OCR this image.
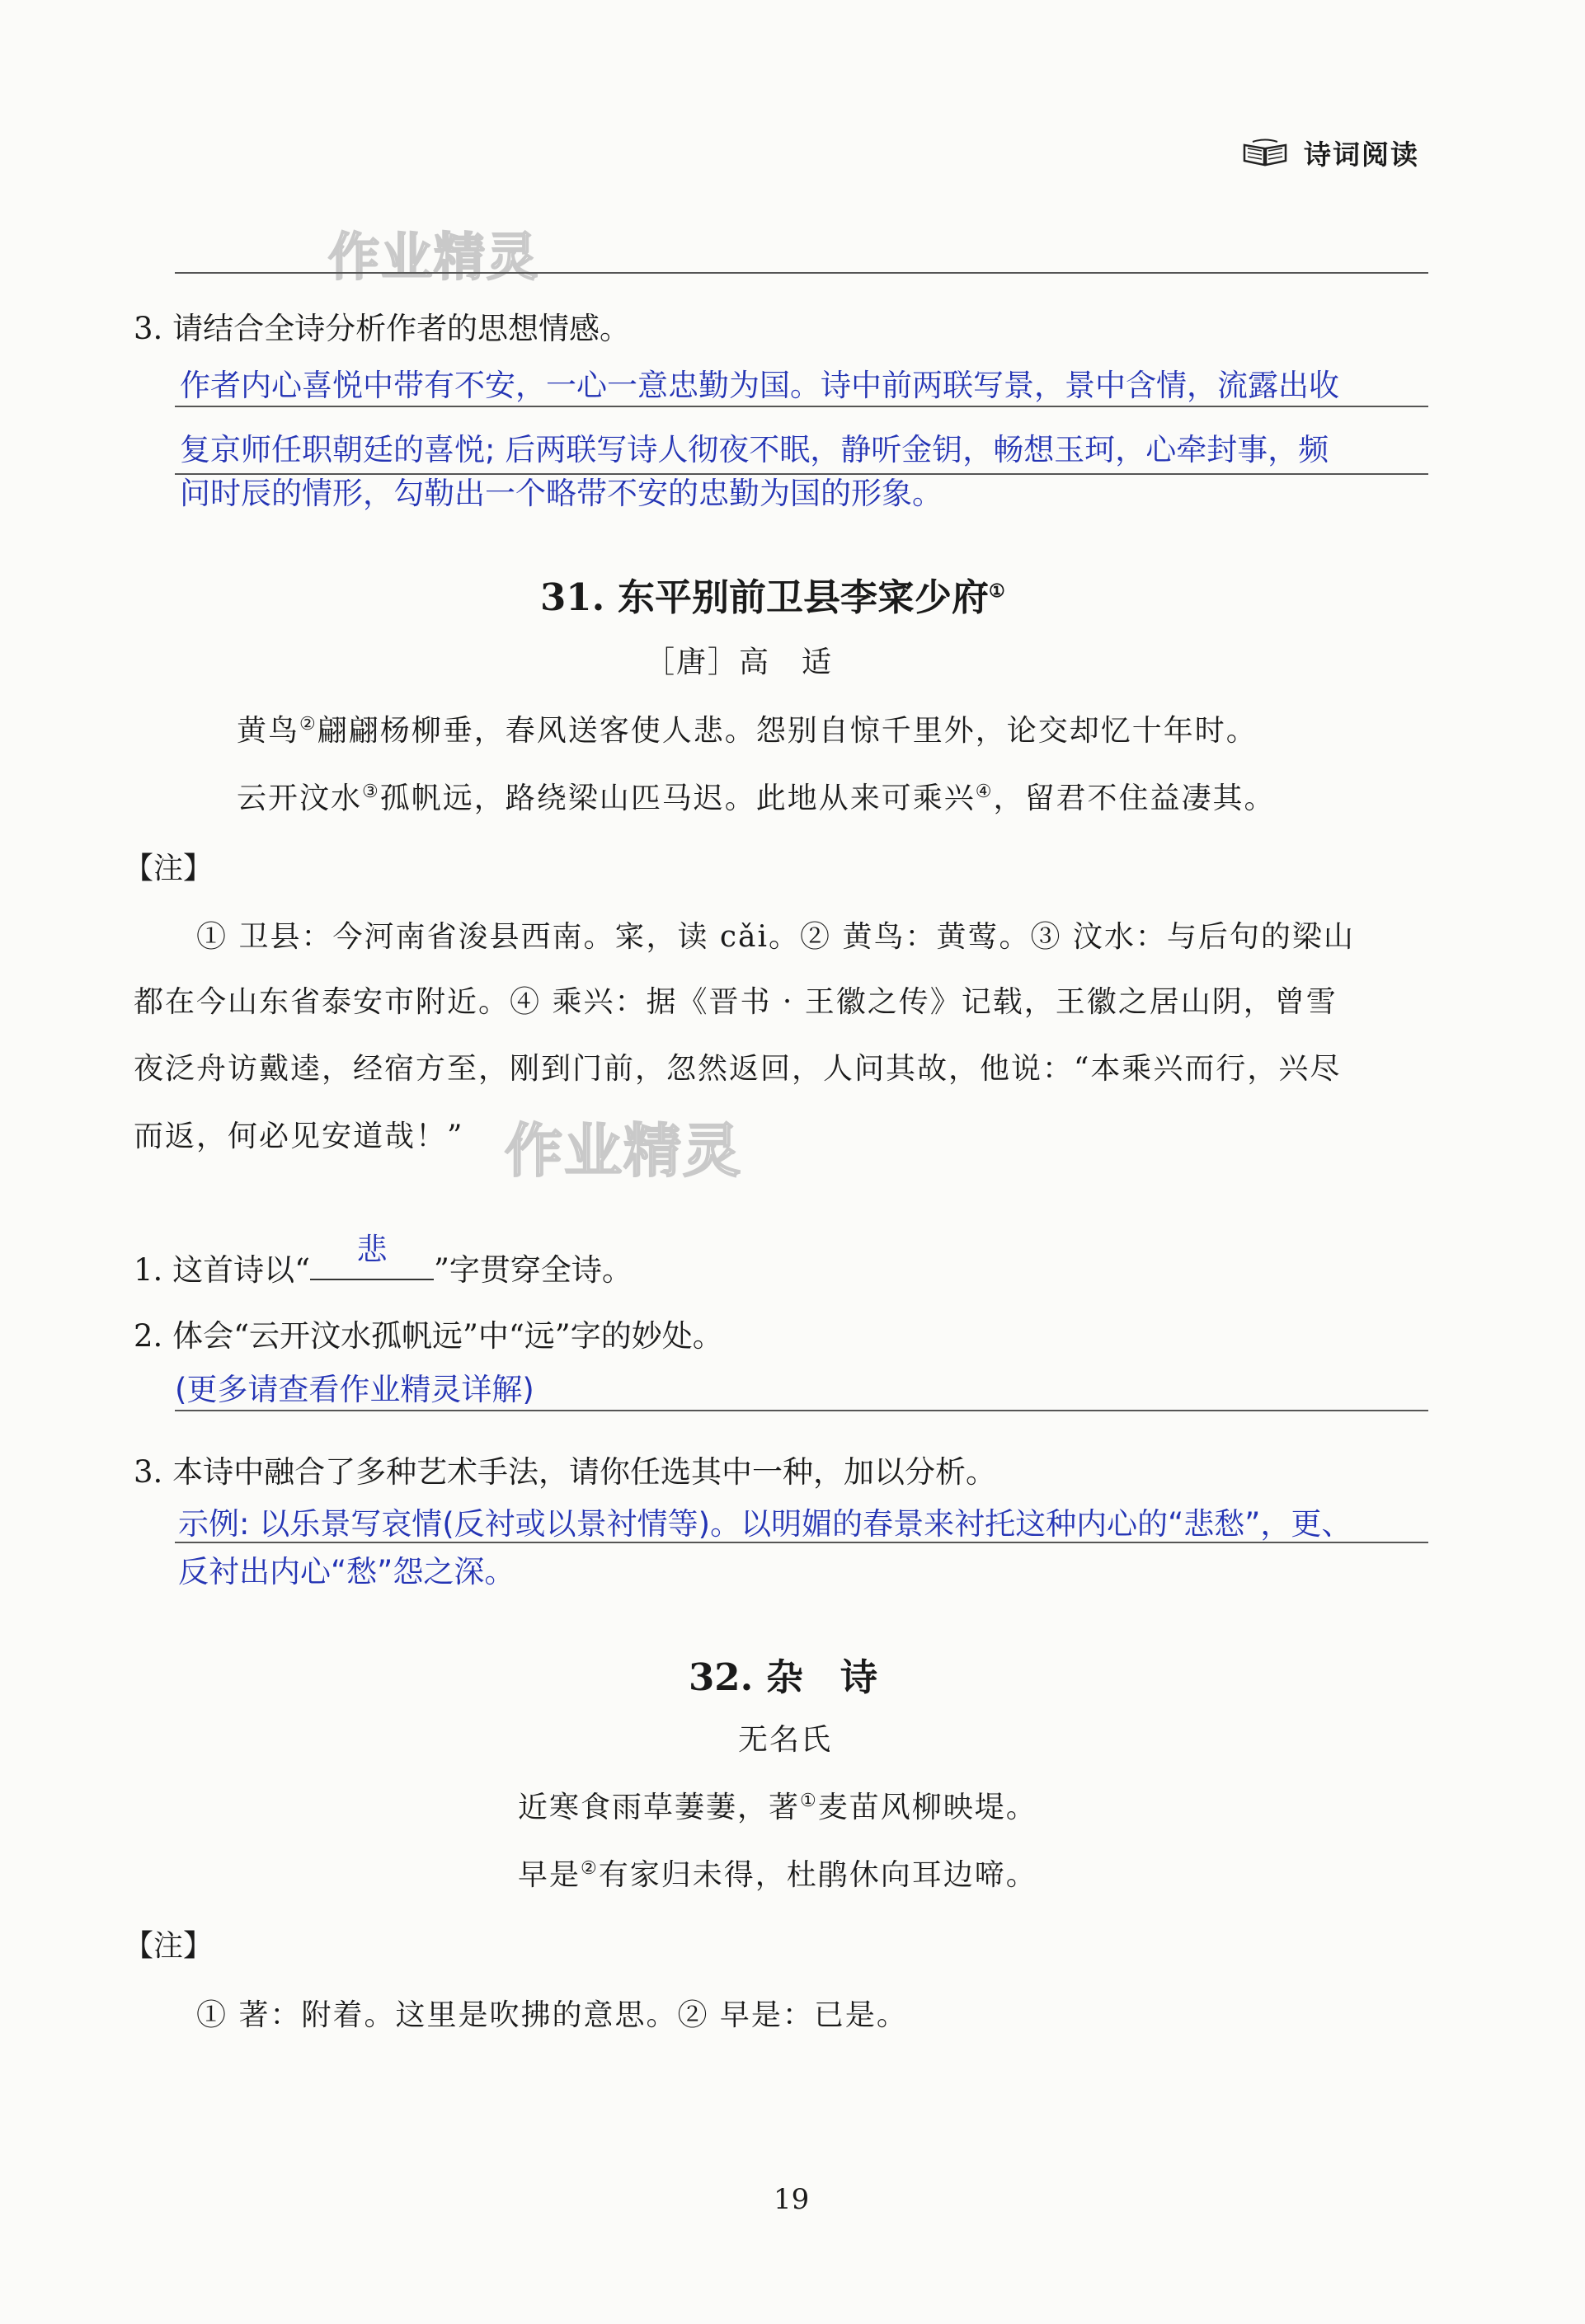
诗词阅读
作业精灵
3. 请结合全诗分析作者的思想情感。
作者内心喜悦中带有不安，一心一意忠勤为国。诗中前两联写景，景中含情，流露出收
复京师任职朝廷的喜悦; 后两联写诗人彻夜不眠，静听金钥，畅想玉珂，心牵封事，频
问时辰的情形，勾勒出一个略带不安的忠勤为国的形象。
31. 东平别前卫县李寀少府①
［唐］高　适
黄鸟②翩翩杨柳垂，春风送客使人悲。怨别自惊千里外，论交却忆十年时。
云开汶水③孤帆远，路绕梁山匹马迟。此地从来可乘兴④，留君不住益凄其。
【注】
① 卫县：今河南省浚县西南。寀，读 cǎi。② 黄鸟：黄莺。③ 汶水：与后句的梁山
都在今山东省泰安市附近。④ 乘兴：据《晋书 · 王徽之传》记载，王徽之居山阴，曾雪
夜泛舟访戴逵，经宿方至，刚到门前，忽然返回，人问其故，他说：“本乘兴而行，兴尽
而返，何必见安道哉！” 作业精灵
1. 这首诗以“
悲
”字贯穿全诗。
2. 体会“云开汶水孤帆远”中“远”字的妙处。
(更多请查看作业精灵详解)
3. 本诗中融合了多种艺术手法，请你任选其中一种，加以分析。
示例: 以乐景写哀情(反衬或以景衬情等)。以明媚的春景来衬托这种内心的“悲愁”，更、
反衬出内心“愁”怨之深。
32. 杂　诗
无名氏
近寒食雨草萋萋，著①麦苗风柳映堤。
早是②有家归未得，杜鹃休向耳边啼。
【注】
① 著：附着。这里是吹拂的意思。② 早是：已是。
19
